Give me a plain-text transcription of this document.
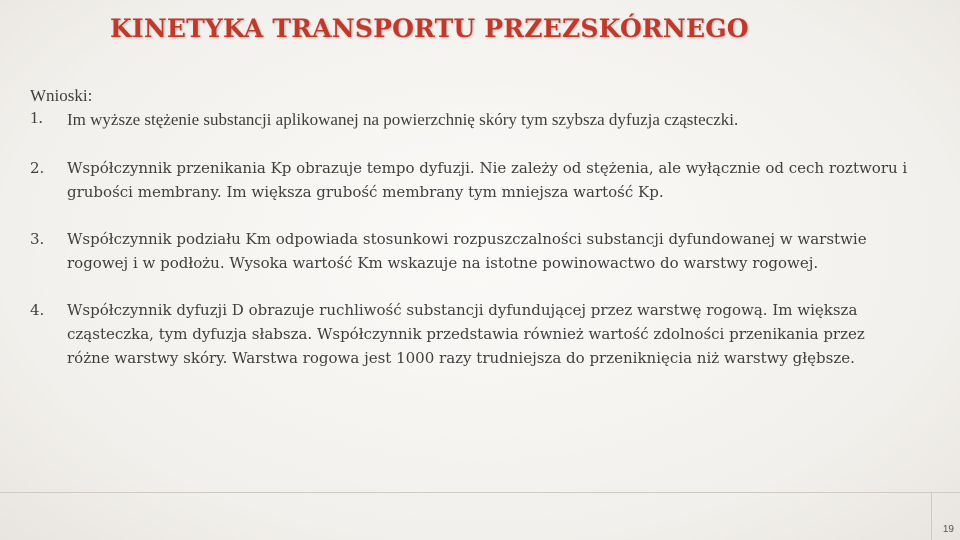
KINETYKA TRANSPORTU PRZEZSKÓRNEGO

Wnioski:

1.	Im wyższe stężenie substancji aplikowanej na powierzchnię skóry tym szybsza dyfuzja cząsteczki.
2.	Współczynnik przenikania Kp obrazuje tempo dyfuzji. Nie zależy od stężenia, ale wyłącznie od cech roztworu i grubości membrany. Im większa grubość membrany tym mniejsza wartość Kp.
3.	Współczynnik podziału Km odpowiada stosunkowi rozpuszczalności substancji dyfundowanej w warstwie rogowej i w podłożu. Wysoka wartość Km wskazuje na istotne powinowactwo do warstwy rogowej.
4.	Współczynnik dyfuzji D obrazuje ruchliwość substancji dyfundującej przez warstwę rogową. Im większa cząsteczka, tym dyfuzja słabsza. Współczynnik przedstawia również wartość zdolności przenikania przez różne warstwy skóry. Warstwa rogowa jest 1000 razy trudniejsza do przeniknięcia niż warstwy głębsze.
19
